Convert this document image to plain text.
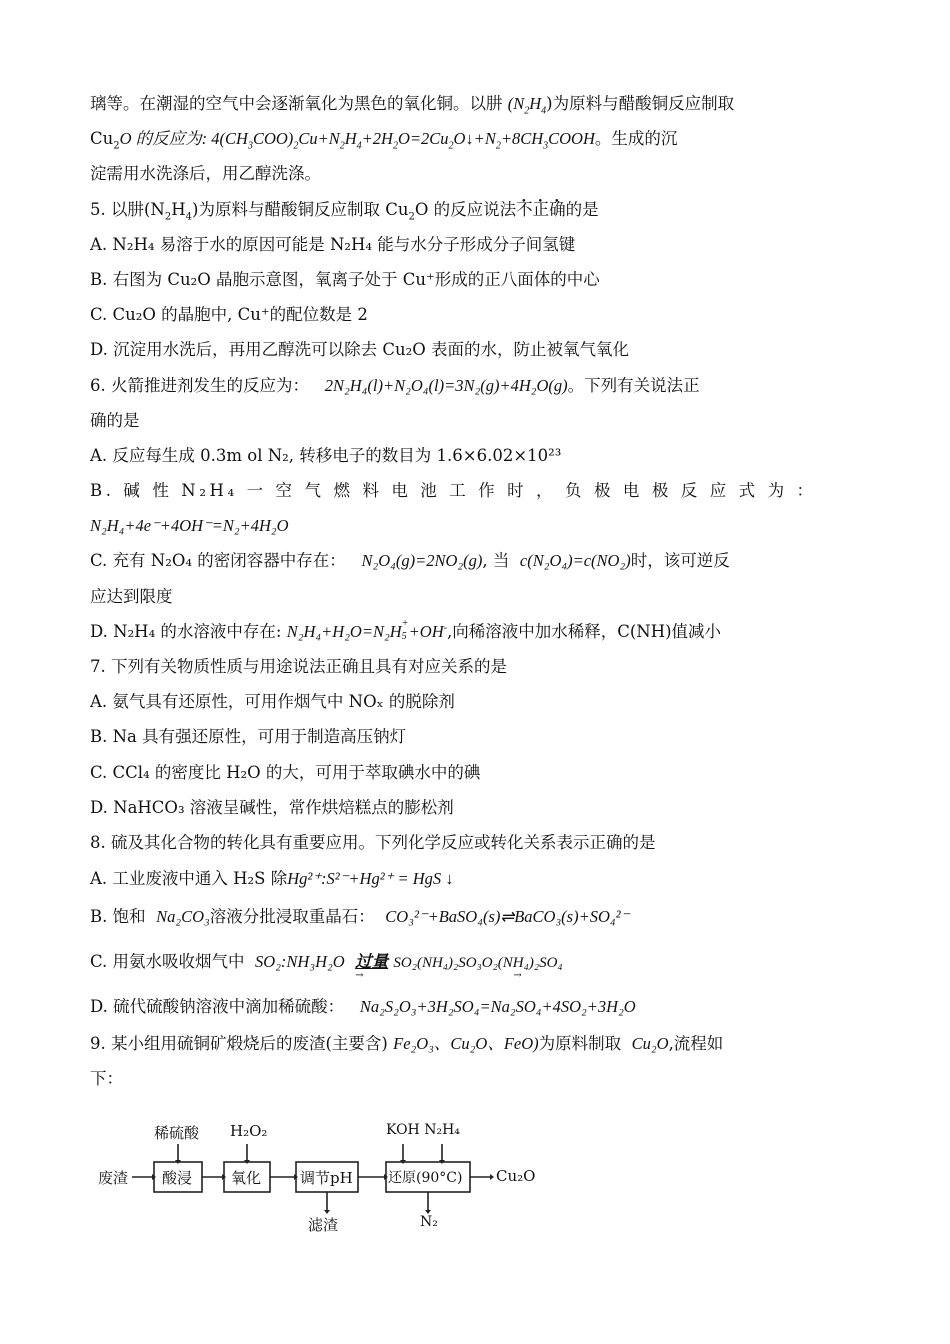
璃等。在潮湿的空气中会逐渐氧化为黑色的氧化铜。以肼 $(N_2H_4)$为原料与醋酸铜反应制取
$Cu_2O$ 的反应为: $4(CH_3COO)_2Cu+N_2H_4+2H_2O=2Cu_2O↓+N_2+8CH_3COOH$。生成的沉
淀需用水洗涤后，用乙醇洗涤。
5. 以肼$(N_2H_4)$为原料与醋酸铜反应制取 $Cu_2O$ 的反应说法不正确的是
A. N₂H₄ 易溶于水的原因可能是 N₂H₄ 能与水分子形成分子间氢键
B. 右图为 Cu₂O 晶胞示意图，氧离子处于 Cu⁺形成的正八面体的中心
C. Cu₂O 的晶胞中, Cu⁺的配位数是 2
D. 沉淀用水洗后，再用乙醇洗可以除去 Cu₂O 表面的水，防止被氧气氧化
6. 火箭推进剂发生的反应为： 2N₂H₄(l)+N₂O₄(l)=3N₂(g)+4H₂O(g)。下列有关说法正
确的是
A. 反应每生成 0.3m ol N₂, 转移电子的数目为 1.6×6.02×10²³
B. 碱 性 N₂H₄ 一 空 气 燃 料 电 池 工 作 时 ， 负 极 电 极 反 应 式 为 ：
N₂H₄+4e⁻+4OH⁻=N₂+4H₂O
C. 充有 N₂O₄ 的密闭容器中存在： N₂O₄(g)=2NO₂(g), 当 c(N₂O₄)=c(NO₂)时，该可逆反
应达到限度
D. N₂H₄ 的水溶液中存在: N₂H₄+H₂O=N₂H +
5 +OH-,向稀溶液中加水稀释，C(NH)值减小
7. 下列有关物质性质与用途说法正确且具有对应关系的是
A. 氨气具有还原性，可用作烟气中 NOₓ 的脱除剂
B. Na 具有强还原性，可用于制造高压钠灯
C. CCl₄ 的密度比 H₂O 的大，可用于萃取碘水中的碘
D. NaHCO₃ 溶液呈碱性，常作烘焙糕点的膨松剂
8. 硫及其化合物的转化具有重要应用。下列化学反应或转化关系表示正确的是
A. 工业废液中通入 H₂S 除Hg²⁺:S²⁻+Hg²⁺ = HgS ↓
B. 饱和 Na₂CO₃溶液分批浸取重晶石： CO₃²⁻+BaSO₄(s)⇌BaCO₃(s)+SO₄²⁻
C. 用氨水吸收烟气中 SO₂:NH₃H₂O 过量
→
SO₂(NH₄)₂SO₃O₂(NH₄)₂SO₄
→
D. 硫代硫酸钠溶液中滴加稀硫酸： Na₂S₂O₃+3H₂SO₄=Na₂SO₄+4SO₂+3H₂O
9. 某小组用硫铜矿煅烧后的废渣(主要含) Fe₂O₃、Cu₂O、FeO)为原料制取 Cu₂O,流程如
下：
废渣 酸浸
稀硫酸
氧化
H₂O₂
调节pH
滤渣
还原(90°C)
KOH N₂H₄
N₂
Cu₂O
